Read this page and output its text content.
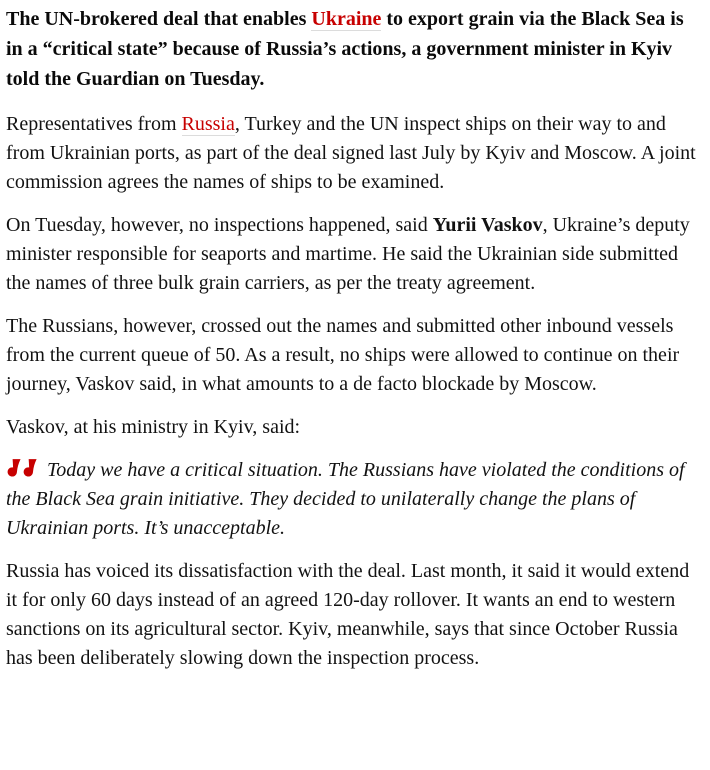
The UN-brokered deal that enables Ukraine to export grain via the Black Sea is in a “critical state” because of Russia’s actions, a government minister in Kyiv told the Guardian on Tuesday.

Representatives from Russia, Turkey and the UN inspect ships on their way to and from Ukrainian ports, as part of the deal signed last July by Kyiv and Moscow. A joint commission agrees the names of ships to be examined.

On Tuesday, however, no inspections happened, said Yurii Vaskov, Ukraine’s deputy minister responsible for seaports and martime. He said the Ukrainian side submitted the names of three bulk grain carriers, as per the treaty agreement.

The Russians, however, crossed out the names and submitted other inbound vessels from the current queue of 50. As a result, no ships were allowed to continue on their journey, Vaskov said, in what amounts to a de facto blockade by Moscow.

Vaskov, at his ministry in Kyiv, said:

Today we have a critical situation. The Russians have violated the conditions of the Black Sea grain initiative. They decided to unilaterally change the plans of Ukrainian ports. It’s unacceptable.

Russia has voiced its dissatisfaction with the deal. Last month, it said it would extend it for only 60 days instead of an agreed 120-day rollover. It wants an end to western sanctions on its agricultural sector. Kyiv, meanwhile, says that since October Russia has been deliberately slowing down the inspection process.
